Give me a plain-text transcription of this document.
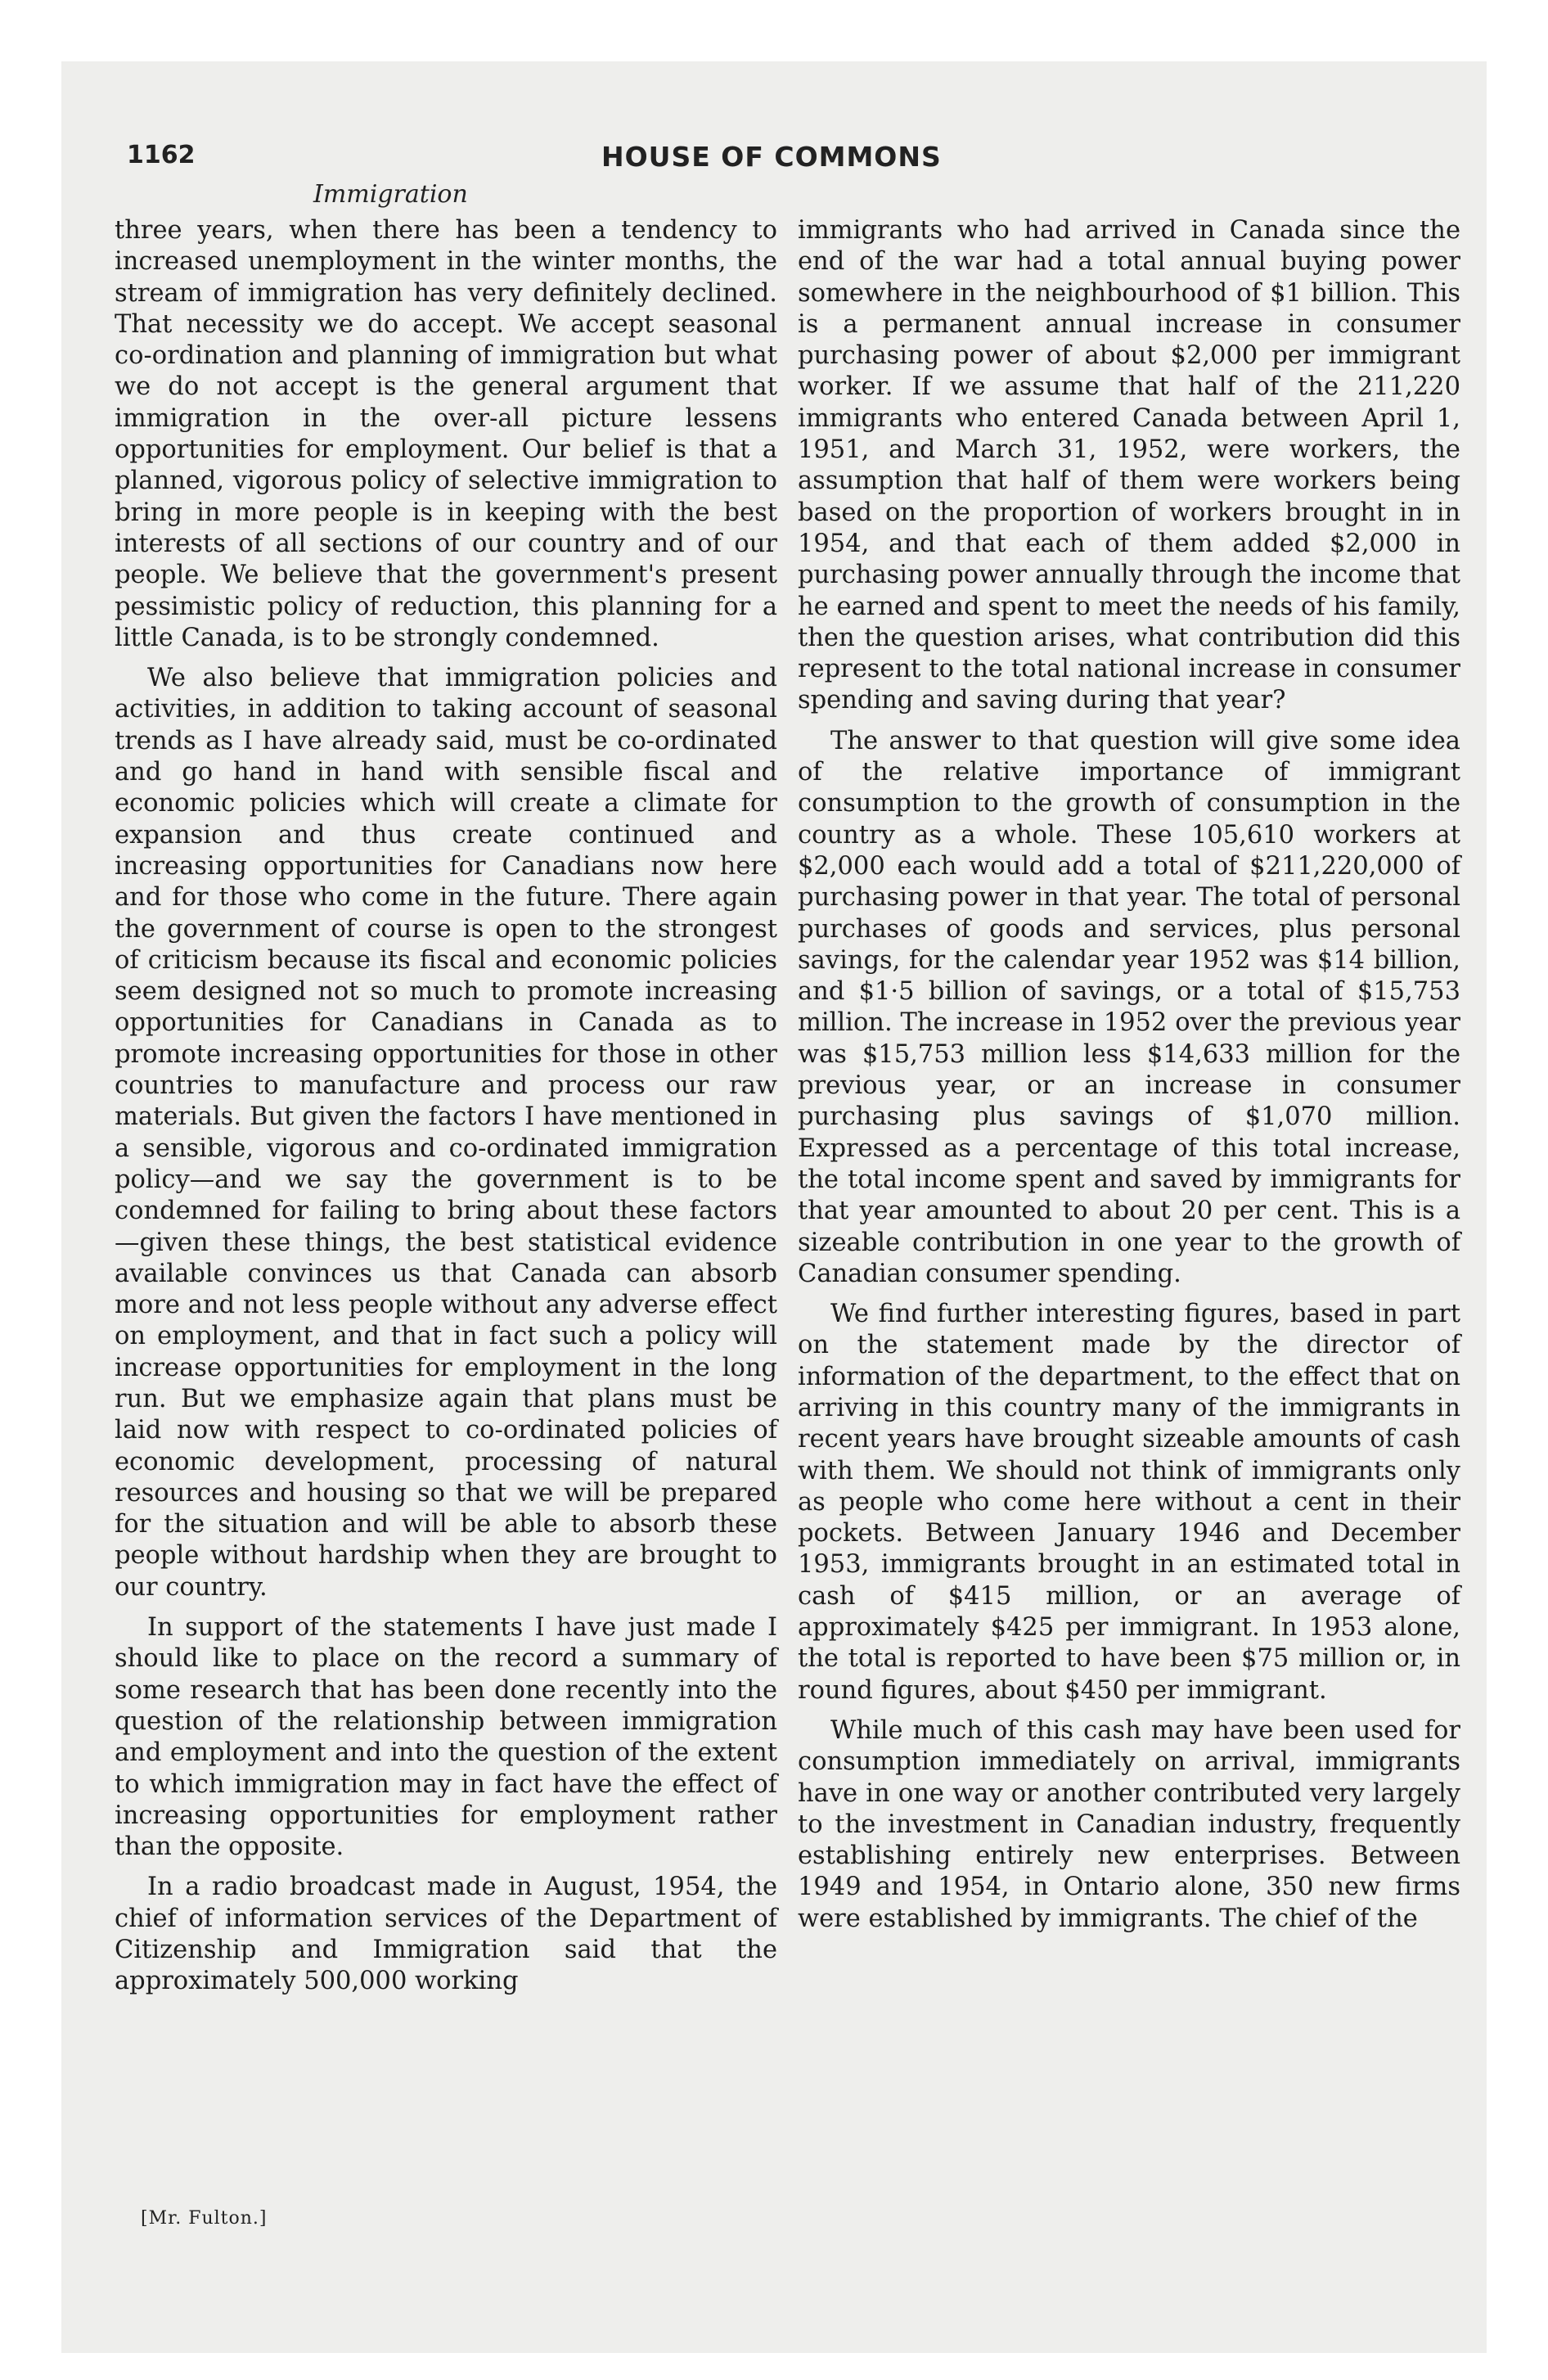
1162	HOUSE OF COMMONS
Immigration

three years, when there has been a tendency to increased unemployment in the winter months, the stream of immigration has very definitely declined. That necessity we do accept. We accept seasonal co-ordination and planning of immigration but what we do not accept is the general argument that immigration in the over-all picture lessens opportunities for employment. Our belief is that a planned, vigorous policy of selective immigration to bring in more people is in keeping with the best interests of all sections of our country and of our people. We believe that the government's present pessimistic policy of reduction, this planning for a little Canada, is to be strongly condemned.

We also believe that immigration policies and activities, in addition to taking account of seasonal trends as I have already said, must be co-ordinated and go hand in hand with sensible fiscal and economic policies which will create a climate for expansion and thus create continued and increasing opportunities for Canadians now here and for those who come in the future. There again the government of course is open to the strongest of criticism because its fiscal and economic policies seem designed not so much to promote increasing opportunities for Canadians in Canada as to promote increasing opportunities for those in other countries to manufacture and process our raw materials. But given the factors I have mentioned in a sensible, vigorous and co-ordinated immigration policy—and we say the government is to be condemned for failing to bring about these factors—given these things, the best statistical evidence available convinces us that Canada can absorb more and not less people without any adverse effect on employment, and that in fact such a policy will increase opportunities for employment in the long run. But we emphasize again that plans must be laid now with respect to co-ordinated policies of economic development, processing of natural resources and housing so that we will be prepared for the situation and will be able to absorb these people without hardship when they are brought to our country.

In support of the statements I have just made I should like to place on the record a summary of some research that has been done recently into the question of the relationship between immigration and employment and into the question of the extent to which immigration may in fact have the effect of increasing opportunities for employment rather than the opposite.

In a radio broadcast made in August, 1954, the chief of information services of the Department of Citizenship and Immigration said that the approximately 500,000 working

immigrants who had arrived in Canada since the end of the war had a total annual buying power somewhere in the neighbourhood of $1 billion. This is a permanent annual increase in consumer purchasing power of about $2,000 per immigrant worker. If we assume that half of the 211,220 immigrants who entered Canada between April 1, 1951, and March 31, 1952, were workers, the assumption that half of them were workers being based on the proportion of workers brought in in 1954, and that each of them added $2,000 in purchasing power annually through the income that he earned and spent to meet the needs of his family, then the question arises, what contribution did this represent to the total national increase in consumer spending and saving during that year?

The answer to that question will give some idea of the relative importance of immigrant consumption to the growth of consumption in the country as a whole. These 105,610 workers at $2,000 each would add a total of $211,220,000 of purchasing power in that year. The total of personal purchases of goods and services, plus personal savings, for the calendar year 1952 was $14 billion, and $1·5 billion of savings, or a total of $15,753 million. The increase in 1952 over the previous year was $15,753 million less $14,633 million for the previous year, or an increase in consumer purchasing plus savings of $1,070 million. Expressed as a percentage of this total increase, the total income spent and saved by immigrants for that year amounted to about 20 per cent. This is a sizeable contribution in one year to the growth of Canadian consumer spending.

We find further interesting figures, based in part on the statement made by the director of information of the department, to the effect that on arriving in this country many of the immigrants in recent years have brought sizeable amounts of cash with them. We should not think of immigrants only as people who come here without a cent in their pockets. Between January 1946 and December 1953, immigrants brought in an estimated total in cash of $415 million, or an average of approximately $425 per immigrant. In 1953 alone, the total is reported to have been $75 million or, in round figures, about $450 per immigrant.

While much of this cash may have been used for consumption immediately on arrival, immigrants have in one way or another contributed very largely to the investment in Canadian industry, frequently establishing entirely new enterprises. Between 1949 and 1954, in Ontario alone, 350 new firms were established by immigrants. The chief of the

[Mr. Fulton.]
